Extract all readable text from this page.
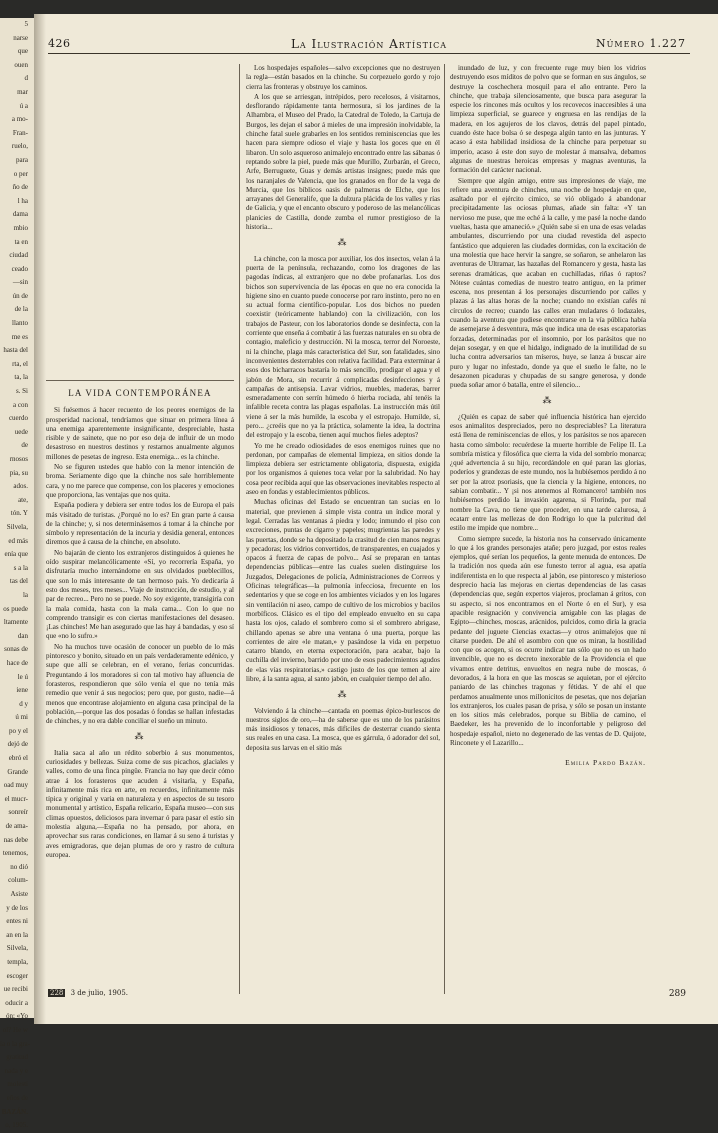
5
narse
que
ouen
d
mar
ú a
a mo-
Fran-
ruelo,
para
o per
ño de
l ha
dama
mbio
ta en
ciudad
ceado
—sin
ún de
de la
llanto
me es
hasta del
rta, el
ta, la
s. Si
a con
cuerdo
uede
de
rnosos
pia, su
ados.
ate,
tón. Y
Silvela,
ed más
enía que
s a la
tas del
la
os puede
ltamente
dan
sonas de
hace de
le ú
iene
d y
ú mi
po y el
dejó de
ebró el
Grande
oad muy
el mucr-
sonreír
de ama-
nas debe
tenemos,
no dió
colum-
Asiste
y de los
entes ni
an en la
Silvela,
templa,
escoger
ue recibi
oducir a
ón: «Yo
ol? He w
ia o la gra-
gratitud
nada y e
molesti
eños de
BAZÁN.
o, 1905.
426	La Ilustración Artística	Número 1.227
LA VIDA CONTEMPORÁNEA

Si fuésemos á hacer recuento de los peores enemigos de la prosperidad nacional, tendríamos que situar en primera línea á una enemiga aparentemente insignificante, despreciable, hasta risible y de sainete, que no por eso deja de influir de un modo desastroso en nuestros destinos y restarnos anualmente algunos millones de pesetas de ingreso. Esta enemiga... es la chinche.

No se figuren ustedes que hablo con la menor intención de broma. Seriamente digo que la chinche nos sale horriblemente cara, y no me parece que compense, con los placeres y emociones que proporciona, las ventajas que nos quita.

España podiera y debiera ser entre todos los de Europa el país más visitado de turistas. ¿Porqué no lo es? En gran parte á causa de la chinche; y, si nos determinásemos á tomar á la chinche por símbolo y representación de la incuria y desidia general, entonces diremos que á causa de la chinche, en absoluto.

No bajarán de ciento los extranjeros distinguidos á quienes he oído suspirar melancólicamente «Sí, yo recorrería España, yo disfrutaría mucho internándome en sus olvidados pueblecillos, que son lo más interesante de tan hermoso país. Yo dedicaría á esto dos meses, tres meses... Viaje de instrucción, de estudio, y al par de recreo... Pero no se puede. No soy exigente, transigiría con la mala comida, hasta con la mala cama... Con lo que no comprendo transigir es con ciertas manifestaciones del desaseo. ¡Las chinches! Me han asegurado que las hay á bandadas, y eso sí que «no lo sufro.»

No ha muchos tuve ocasión de conocer un pueblo de lo más pintoresco y bonito, situado en un país verdaderamente edénico, y supe que allí se celebran, en el verano, ferias concurridas. Preguntando á los moradores si con tal motivo hay afluencia de forasteros, respondieron que sólo venía el que no tenía más remedio que venir á sus negocios; pero que, por gusto, nadie—á menos que encontrase alojamiento en alguna casa principal de la población,—porque las dos posadas ó fondas se hallan infestadas de chinches, y no era dable conciliar el sueño un minuto.

⁂

Italia saca al año un rédito soberbio á sus monumentos, curiosidades y bellezas. Suiza come de sus picachos, glaciales y valles, como de una finca pingüe. Francia no hay que decir cómo atrae á los forasteros que acuden á visitarla, y España, infinitamente más rica en arte, en recuerdos, infinitamente más típica y original y varia en naturaleza y en aspectos de su tesoro monumental y artístico, España relicario, España museo—con sus climas opuestos, deliciosos para invernar ó para pasar el estío sin molestia alguna,—España no ha pensado, por ahora, en aprovechar sus raras condiciones, en llamar á su seno á turistas y aves emigradoras, que dejan plumas de oro y rastro de cultura europea.

Los hospedajes españoles—salvo excepciones que no destruyen la regla—están basados en la chinche. Su corpezuelo gordo y rojo cierra las fronteras y obstruye los caminos.

A los que se arriesgan, intrépidos, pero recelosos, á visitarnos, desflorando rápidamente tanta hermosura, si los jardines de la Alhambra, el Museo del Prado, la Catedral de Toledo, la Cartuja de Burgos, les dejan el sabor á mieles de una impresión inolvidable, la chinche fatal suele grabarles en los sentidos reminiscencias que les hacen para siempre odioso el viaje y hasta los goces que en él libaron. Un solo asqueroso animalejo encontrado entre las sábanas ó reptando sobre la piel, puede más que Murillo, Zurbarán, el Greco, Arfe, Berruguete, Guas y demás artistas insignes; puede más que los naranjales de Valencia, que los granados en flor de la vega de Murcia, que los bíblicos oasis de palmeras de Elche, que los arrayanes del Generalife, que la dulzura plácida de los valles y rías de Galicia, y que el encanto obscuro y poderoso de las melancólicas planicies de Castilla, donde zumba el rumor prestigioso de la historia...

⁂

La chinche, con la mosca por auxiliar, los dos insectos, velan á la puerta de la península, rechazando, como los dragones de las pagodas índicas, al extranjero que no debe profanarlas. Los dos bichos son supervivencia de las épocas en que no era conocida la higiene sino en cuanto puede conocerse por raro instinto, pero no en su actual forma científico-popular. Los dos bichos no pueden coexistir (teóricamente hablando) con la civilización, con los trabajos de Pasteur, con los laboratorios donde se desinfecta, con la corriente que enseña á combatir á las fuerzas naturales en su obra de contagio, maleficio y destrucción. Ni la mosca, terror del Noroeste, ni la chinche, plaga más característica del Sur, son fatalidades, sino inconvenientes desterrables con relativa facilidad. Para exterminar á esos dos bicharracos bastaría lo más sencillo, prodigar el agua y el jabón de Mora, sin recurrir á complicadas desinfecciones y á campañas de antisepsia. Lavar vidrios, muebles, maderas, barrer esmeradamente con serrín húmedo ó hierba rociada, ahí tenéis la infalible receta contra las plagas españolas. La instrucción más útil viene á ser la más humilde, la escoba y el estropajo. Humilde, sí, pero... ¿creéis que no ya la práctica, solamente la idea, la doctrina del estropajo y la escoba, tienen aquí muchos fieles adeptos?

Yo me he creado odiosidades de esos enemigos ruines que no perdonan, por campañas de elemental limpieza, en sitios donde la limpieza debiera ser estrictamente obligatoria, dispuesta, exigida por los organismos á quienes toca velar por la salubridad. No hay cosa peor recibida aquí que las observaciones inevitables respecto al aseo en fondas y establecimientos públicos.

Muchas oficinas del Estado se encuentran tan sucias en lo material, que previenen á simple vista contra un índice moral y legal. Cerradas las ventanas á piedra y lodo; inmundo el piso con excreciones, puntas de cigarro y papeles; mugrientas las paredes y las puertas, donde se ha depositado la crasitud de cien manos negras y pecadoras; los vidrios convertidos, de transparentes, en cuajados y opacos á fuerza de capas de polvo... Así se preparan en tantas dependencias públicas—entre las cuales suelen distinguirse los Juzgados, Delegaciones de policía, Administraciones de Correos y Oficinas telegráficas—la pulmonía infecciosa, frecuente en los sedentarios y que se coge en los ambientes viciados y en los lugares sin ventilación ni aseo, campo de cultivo de los microbios y bacilos morbíficos. Clásico es el tipo del empleado envuelto en su capa hasta los ojos, calado el sombrero como si el sombrero abrigase, chillando apenas se abre una ventana ó una puerta, porque las corrientes de aire «le matan,» y pasándose la vida en perpetuo catarro blando, en eterna expectoración, para acabar, bajo la cuchilla del invierno, barrido por uno de esos padecimientos agudos de «las vías respiratorias,» castigo justo de los que temen al aire libre, á la santa agua, al santo jabón, en cualquier tiempo del año.

⁂

Volviendo á la chinche—cantada en poemas épico-burlescos de nuestros siglos de oro,—ha de saberse que es uno de los parásitos más insidiosos y tenaces, más difíciles de desterrar cuando sienta sus reales en una casa. La mosca, que es gárrula, ó adorador del sol, deposita sus larvas en el sitio más

inundado de luz, y con frecuente ruge muy bien los vidrios destruyendo esos míditos de polvo que se forman en sus ángulos, se destruye la coschechera mosquil para el año entrante. Pero la chinche, que trabaja silenciosamente, que busca para asegurar la especie los rincones más ocultos y los recovecos inaccesibles á una limpieza superficial, se guarece y engruesa en las rendijas de la madera, en los agujeros de los clavos, detrás del papel pintado, cuando éste hace bolsa ó se despega algún tanto en las junturas. Y acaso á esta habilidad insidiosa de la chinche para perpetuar su imperio, acaso á este don suyo de molestar á mansalva, debamos algunas de nuestras heroicas empresas y magnas aventuras, la formación del carácter nacional.

Siempre que algún amigo, entre sus impresiones de viaje, me refiere una aventura de chinches, una noche de hospedaje en que, asaltado por el ejército cimico, se vió obligado á abandonar precipitadamente las ociosas plumas, añade sin falta: «Y tan nervioso me puse, que me eché á la calle, y me pasé la noche dando vueltas, hasta que amaneció.» ¿Quién sabe si en una de esas veladas ambulantes, discurriendo por una ciudad revestida del aspecto fantástico que adquieren las ciudades dormidas, con la excitación de una molestia que hace hervir la sangre, se soñaron, se anhelaron las aventuras de Ultramar, las hazañas del Romancero y gesta, hasta las serenas dramáticas, que acaban en cuchilladas, riñas ó raptos? Nótese cuántas comedias de nuestro teatro antiguo, en la primer escena, nos presentan á los personajes discurriendo por calles y plazas á las altas horas de la noche; cuando no existían cafés ni círculos de recreo; cuando las calles eran muladares ó lodazales, cuando la aventura que pudiese encontrarse en la vía pública había de asemejarse á desventura, más que indica una de esas escapatorias forzadas, determinadas por el insomnio, por los parásitos que no dejan sosegar, y en que el hidalgo, indignado de la inutilidad de su lucha contra adversarios tan míseros, huye, se lanza á buscar aire puro y lugar no infestado, donde ya que el sueño le falte, no le desazonen picaduras y chupadas de su sangre generosa, y donde pueda soñar amor ó batalla, entre el silencio...

⁂

¿Quién es capaz de saber qué influencia histórica han ejercido esos animalitos despreciados, pero no despreciables? La literatura está llena de reminiscencias de ellos, y los parásitos se nos aparecen hasta como símbolo: recuérdese la muerte horrible de Felipe II. La sombría mística y filosófica que cierra la vida del sombrío monarca; ¿qué advertencia á su hijo, recordándole en qué paran las glorias, poderíos y grandezas de este mundo, nos la hubiésemos perdido á no ser por la atroz psoriasis, que la ciencia y la higiene, entonces, no sabían combatir... Y ¡si nos atenemos al Romancero! también nos hubiésemos perdido la invasión agarena, si Florinda, por mal nombre la Cava, no tiene que proceder, en una tarde calurosa, á ecatarr entre las mellezas de don Rodrigo lo que la pulcritud del estilo me impide que nombre...

Como siempre sucede, la historia nos ha conservado únicamente lo que á los grandes personajes atañe; pero juzgad, por estos reales ejemplos, qué serían los pequeños, la gente menuda de entonces. De la tradición nos queda aún ese funesto terror al agua, esa apatía indiferentista en lo que respecta al jabón, ese pintoresco y misterioso desprecio hacia las mejoras en ciertas dependencias de las casas (dependencias que, según expertos viajeros, proclaman á gritos, con su aspecto, si nos encontramos en el Norte ó en el Sur), y esa apacible resignación y convivencia amigable con las plagas de Egipto—chinches, moscas, arácnidos, pulcidos, como diría la gracia pedante del juguete Ciencias exactas—y otros animalejos que ni citarse pueden. De ahí el asombro con que os miran, la hostilidad con que os acogen, si os ocurre indicar tan sólo que no es un hado invencible, que no es decreto inexorable de la Providencia el que vivamos entre detritus, envueltos en negra nube de moscas, ó devorados, á la hora en que las moscas se aquietan, por el ejército paniardo de las chinches tragonas y fétidas. Y de ahí el que perdamos anualmente unos millonicitos de pesetas, que nos dejarían los extranjeros, los cuales pasan de prisa, y sólo se posan un instante en los sitios más celebrados, porque su Biblia de camino, el Baedeker, les ha prevenido de lo inconfortable y peligroso del hospedaje español, nieto no degenerado de las ventas de D. Quijote, Rinconete y el Lazarillo...

Emilia Pardo Bazán.
228 3 de julio, 1905.	289
